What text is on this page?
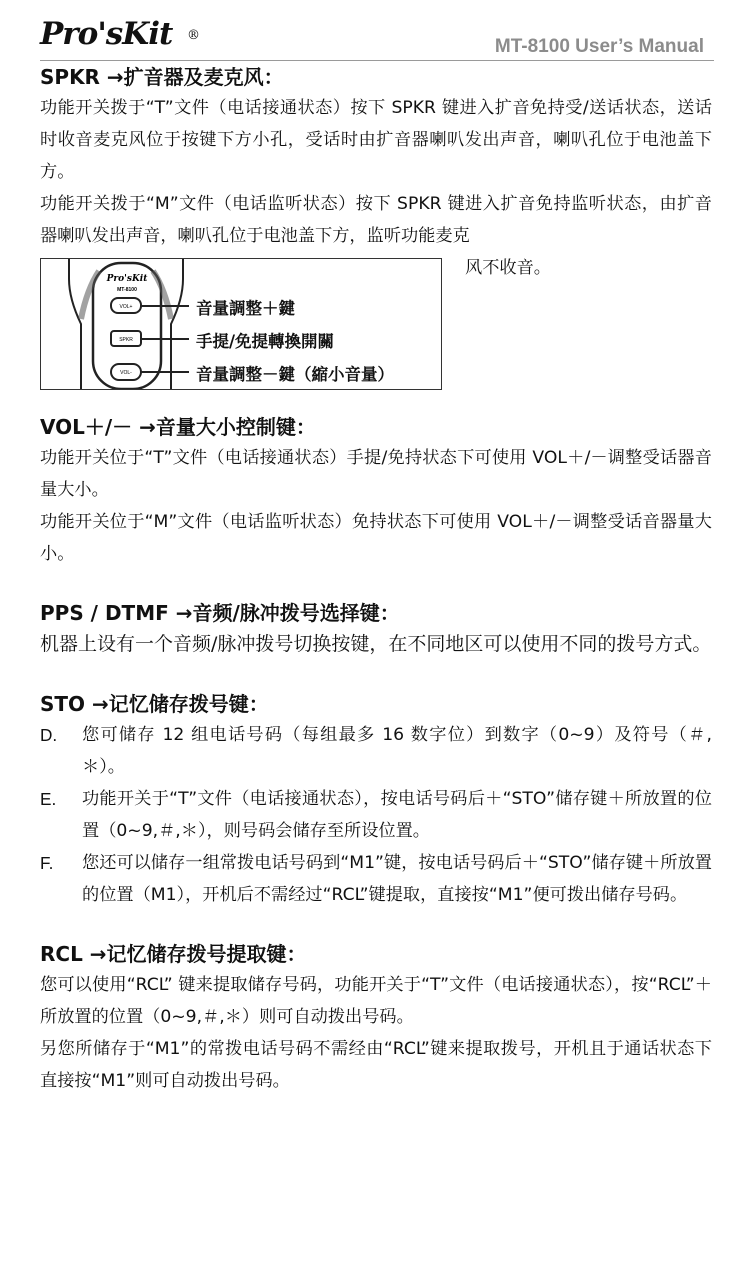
Pro'sKit ®
MT-8100 User’s Manual
SPKR →扩音器及麦克风：
功能开关拨于“T”文件（电话接通状态）按下 SPKR 键进入扩音免持受/送话状态，送话时收音麦克风位于按键下方小孔，受话时由扩音器喇叭发出声音，喇叭孔位于电池盖下方。
功能开关拨于“M”文件（电话监听状态）按下 SPKR 键进入扩音免持监听状态，由扩音器喇叭发出声音，喇叭孔位于电池盖下方，监听功能麦克
Pro'sKit
MT-8100
VOL+
SPKR
VOL-
音量調整＋鍵
手提/免提轉換開關
音量調整－鍵（縮小音量）
风不收音。
VOL＋/－ →音量大小控制键：
功能开关位于“T”文件（电话接通状态）手提/免持状态下可使用 VOL＋/－调整受话器音量大小。
功能开关位于“M”文件（电话监听状态）免持状态下可使用 VOL＋/－调整受话音器量大小。
PPS / DTMF →音频/脉冲拨号选择键：
机器上设有一个音频/脉冲拨号切换按键，在不同地区可以使用不同的拨号方式。
STO →记忆储存拨号键：
D.	您可储存 12 组电话号码（每组最多 16 数字位）到数字（0~9）及符号（＃,＊）。
E.	功能开关于“T”文件（电话接通状态），按电话号码后＋“STO”储存键＋所放置的位置（0~9,＃,＊），则号码会储存至所设位置。
F.	您还可以储存一组常拨电话号码到“M1”键，按电话号码后＋“STO”储存键＋所放置的位置（M1），开机后不需经过“RCL”键提取，直接按“M1”便可拨出储存号码。
RCL →记忆储存拨号提取键：
您可以使用“RCL” 键来提取储存号码，功能开关于“T”文件（电话接通状态），按“RCL”＋所放置的位置（0~9,＃,＊）则可自动拨出号码。
另您所储存于“M1”的常拨电话号码不需经由“RCL”键来提取拨号，开机且于通话状态下直接按“M1”则可自动拨出号码。
